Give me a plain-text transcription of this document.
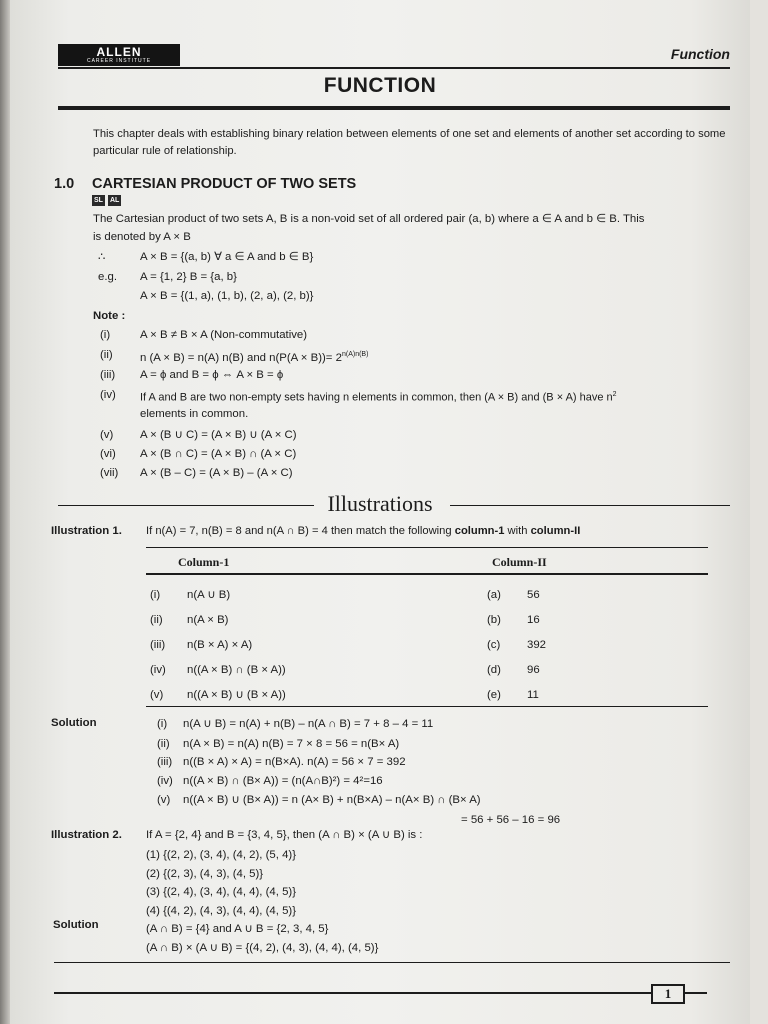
ALLEN
CAREER INSTITUTE	Function
FUNCTION
This chapter deals with establishing binary relation between elements of one set and elements of another set according to some particular rule of relationship.
1.0 CARTESIAN PRODUCT OF TWO SETS
SL AL
The Cartesian product of two sets A, B is a non-void set of all ordered pair (a, b) where a ∈ A and b ∈ B. This
is denoted by A × B
∴	A × B = {(a, b) ∀ a ∈ A and b ∈ B}
e.g. A = {1, 2} B = {a, b}
A × B = {(1, a), (1, b), (2, a), (2, b)}
Note :
(i)	A × B ≠ B × A (Non-commutative)
(ii) n (A × B) = n(A) n(B) and $n(P(A \times B))= 2^{n(A)n(B)}$
(iii) A = ϕ and B = ϕ ⇔ A × B = ϕ
(iv) If A and B are two non-empty sets having n elements in common, then (A × B) and (B × A) have $n^2$
elements in common.
(v) A × (B ∪ C) = (A × B) ∪ (A × C)
(vi) A × (B ∩ C) = (A × B) ∩ (A × C)
(vii) A × (B – C) = (A × B) – (A × C)
Illustrations
Illustration 1. If n(A) = 7, n(B) = 8 and n(A ∩ B) = 4 then match the following column-1 with column-II
Column-1	Column-II
(i) n(A ∪ B)	(a) 56
(ii) n(A × B)	(b) 16
(iii) n(B × A) × A)	(c) 392
(iv) n((A × B) ∩ (B × A))	(d) 96
(v) n((A × B) ∪ (B × A))	(e) 11
Solution	(i) n(A ∪ B) = n(A) + n(B) – n(A ∩ B) = 7 + 8 – 4 = 11
(ii) n(A × B) = n(A) n(B) = 7 × 8 = 56 = n(B× A)
(iii) n((B × A) × A) = n(B×A). n(A) = 56 × 7 = 392
(iv) n((A × B) ∩ (B× A)) = (n(A∩B)²) = 4²=16
(v) n((A × B) ∪ (B× A)) = n (A× B) + n(B×A) – n(A× B) ∩ (B× A)
= 56 + 56 – 16 = 96
Illustration 2. If A = {2, 4} and B = {3, 4, 5}, then (A ∩ B) × (A ∪ B) is :
(1) {(2, 2), (3, 4), (4, 2), (5, 4)}
(2) {(2, 3), (4, 3), (4, 5)}
(3) {(2, 4), (3, 4), (4, 4), (4, 5)}
(4) {(4, 2), (4, 3), (4, 4), (4, 5)}
Solution	(A ∩ B) = {4} and A ∪ B = {2, 3, 4, 5}
(A ∩ B) × (A ∪ B) = {(4, 2), (4, 3), (4, 4), (4, 5)}
1
